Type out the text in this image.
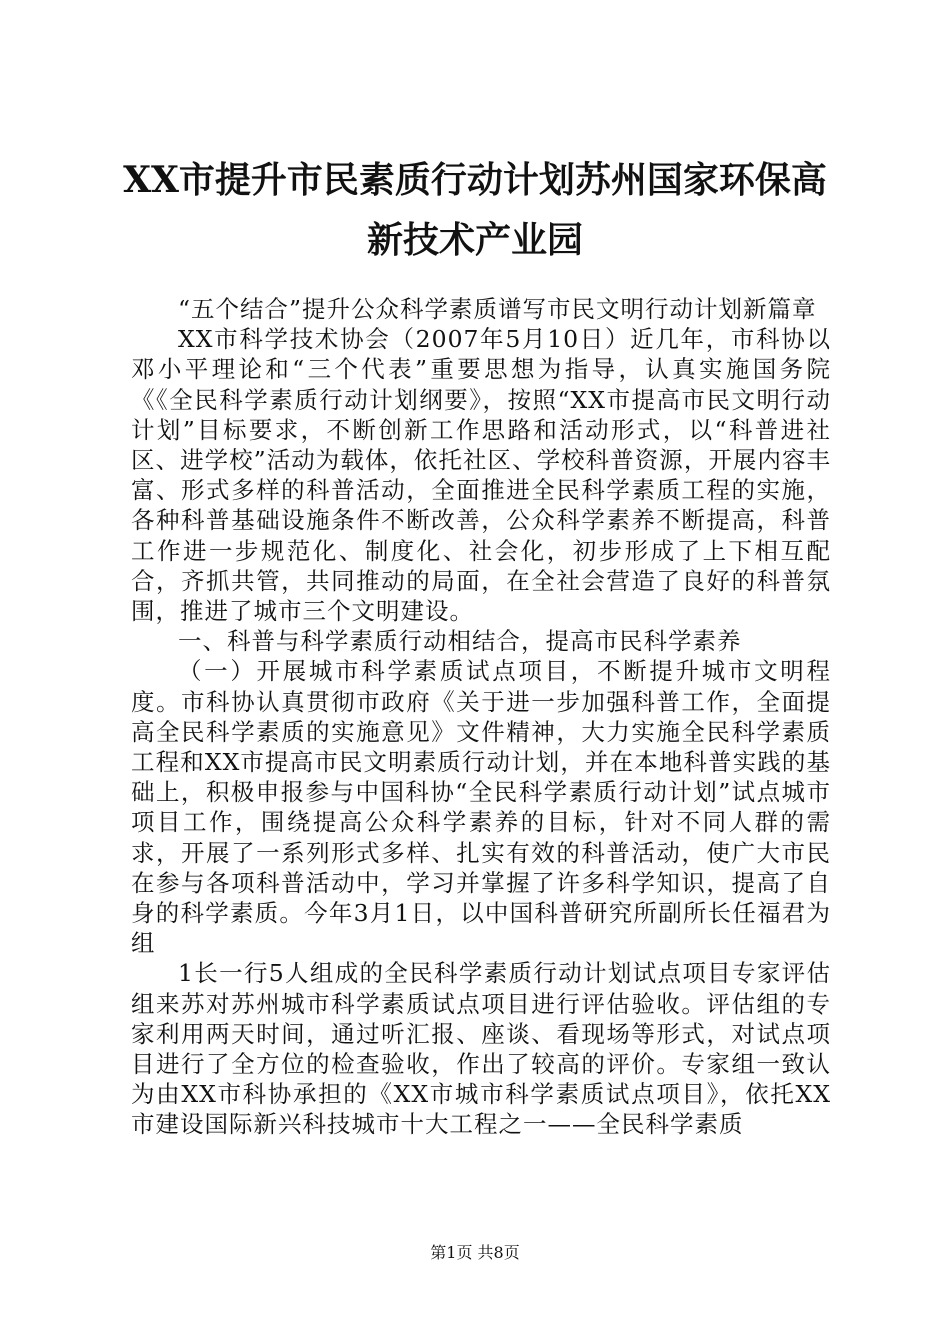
XX市提升市民素质行动计划苏州国家环保高
新技术产业园

“五个结合”提升公众科学素质谱写市民文明行动计划新篇章

XX市科学技术协会（2007年5月10日）近几年，市科协以邓小平理论和“三个代表”重要思想为指导，认真实施国务院《《全民科学素质行动计划纲要》，按照“XX市提高市民文明行动计划”目标要求，不断创新工作思路和活动形式，以“科普进社区、进学校”活动为载体，依托社区、学校科普资源，开展内容丰富、形式多样的科普活动，全面推进全民科学素质工程的实施，各种科普基础设施条件不断改善，公众科学素养不断提高，科普工作进一步规范化、制度化、社会化，初步形成了上下相互配合，齐抓共管，共同推动的局面，在全社会营造了良好的科普氛围，推进了城市三个文明建设。

一、科普与科学素质行动相结合，提高市民科学素养

（一）开展城市科学素质试点项目，不断提升城市文明程度。市科协认真贯彻市政府《关于进一步加强科普工作，全面提高全民科学素质的实施意见》文件精神，大力实施全民科学素质工程和XX市提高市民文明素质行动计划，并在本地科普实践的基础上，积极申报参与中国科协“全民科学素质行动计划”试点城市项目工作，围绕提高公众科学素养的目标，针对不同人群的需求，开展了一系列形式多样、扎实有效的科普活动，使广大市民在参与各项科普活动中，学习并掌握了许多科学知识，提高了自身的科学素质。今年3月1日，以中国科普研究所副所长任福君为组

1长一行5人组成的全民科学素质行动计划试点项目专家评估组来苏对苏州城市科学素质试点项目进行评估验收。评估组的专家利用两天时间，通过听汇报、座谈、看现场等形式，对试点项目进行了全方位的检查验收，作出了较高的评价。专家组一致认为由XX市科协承担的《XX市城市科学素质试点项目》，依托XX市建设国际新兴科技城市十大工程之一——全民科学素质

第1页 共8页
